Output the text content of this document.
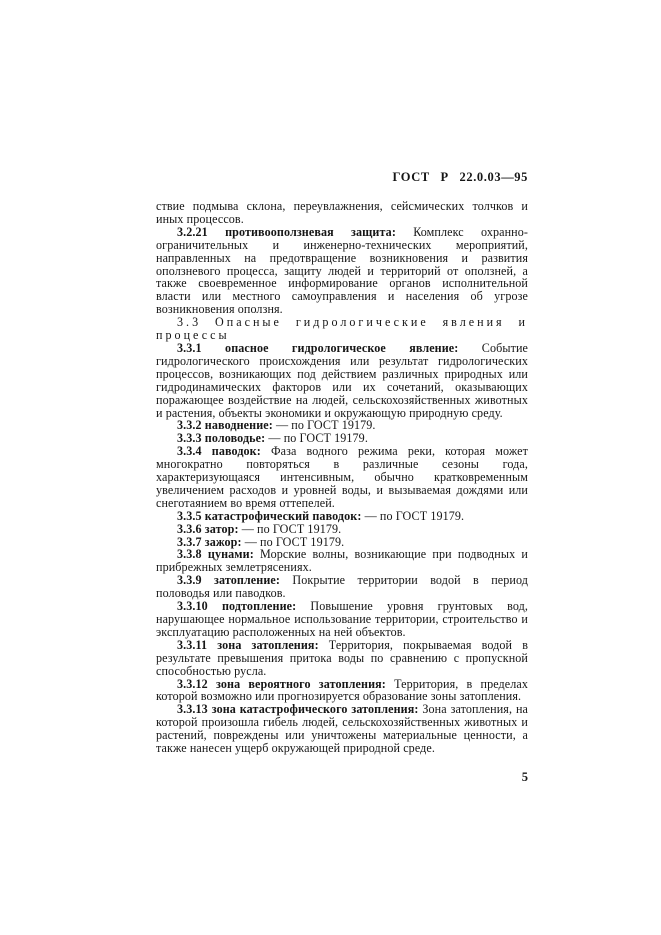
ГОСТ Р 22.0.03—95

ствие подмыва склона, переувлажнения, сейсмических толчков и иных процессов.

3.2.21 противооползневая защита: Комплекс охранно-ограничительных и инженерно-технических мероприятий, направленных на предотвращение возникновения и развития оползневого процесса, защиту людей и территорий от оползней, а также своевременное информирование органов исполнительной власти или местного самоуправления и населения об угрозе возникновения оползня.

3.3 Опасные гидрологические явления и процессы

3.3.1 опасное гидрологическое явление: Событие гидрологического происхождения или результат гидрологических процессов, возникающих под действием различных природных или гидродинамических факторов или их сочетаний, оказывающих поражающее воздействие на людей, сельскохозяйственных животных и растения, объекты экономики и окружающую природную среду.

3.3.2 наводнение: — по ГОСТ 19179.

3.3.3 половодье: — по ГОСТ 19179.

3.3.4 паводок: Фаза водного режима реки, которая может многократно повторяться в различные сезоны года, характеризующаяся интенсивным, обычно кратковременным увеличением расходов и уровней воды, и вызываемая дождями или снеготаянием во время оттепелей.

3.3.5 катастрофический паводок: — по ГОСТ 19179.

3.3.6 затор: — по ГОСТ 19179.

3.3.7 зажор: — по ГОСТ 19179.

3.3.8 цунами: Морские волны, возникающие при подводных и прибрежных землетрясениях.

3.3.9 затопление: Покрытие территории водой в период половодья или паводков.

3.3.10 подтопление: Повышение уровня грунтовых вод, нарушающее нормальное использование территории, строительство и эксплуатацию расположенных на ней объектов.

3.3.11 зона затопления: Территория, покрываемая водой в результате превышения притока воды по сравнению с пропускной способностью русла.

3.3.12 зона вероятного затопления: Территория, в пределах которой возможно или прогнозируется образование зоны затопления.

3.3.13 зона катастрофического затопления: Зона затопления, на которой произошла гибель людей, сельскохозяйственных животных и растений, повреждены или уничтожены материальные ценности, а также нанесен ущерб окружающей природной среде.

5
